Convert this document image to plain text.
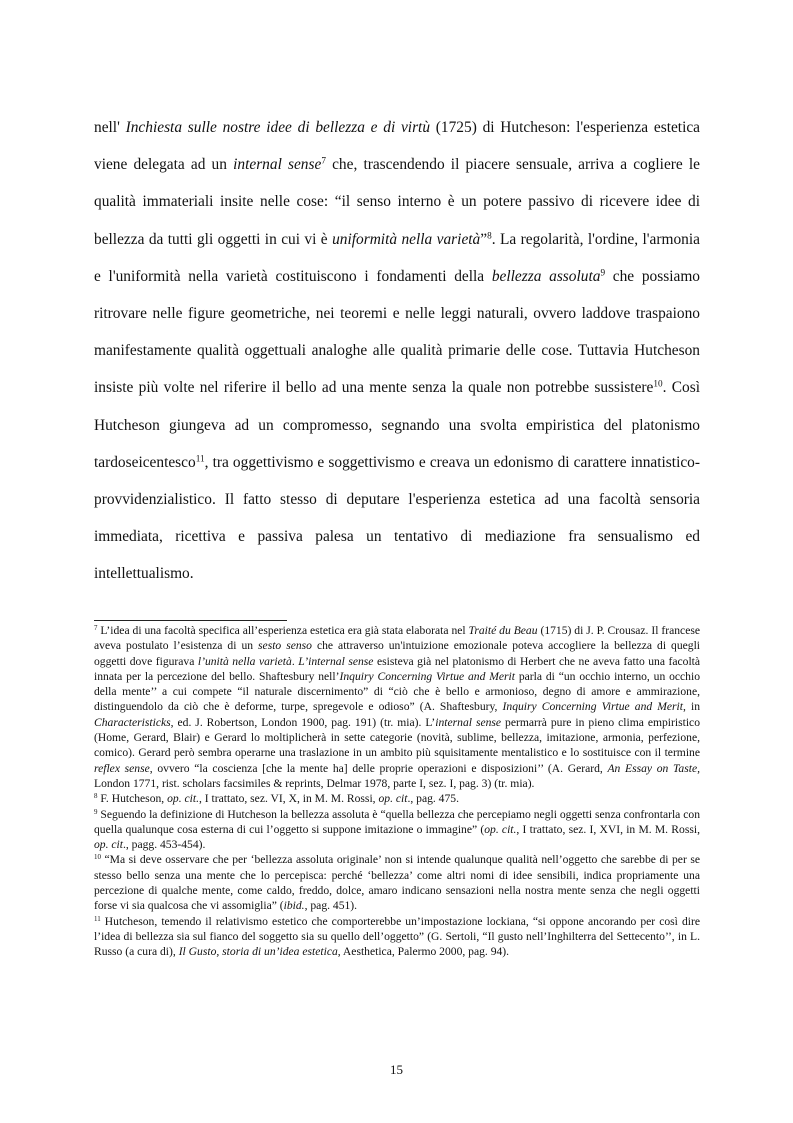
nell' Inchiesta sulle nostre idee di bellezza e di virtù (1725) di Hutcheson: l'esperienza estetica viene delegata ad un internal sense$^7$ che, trascendendo il piacere sensuale, arriva a cogliere le qualità immateriali insite nelle cose: “il senso interno è un potere passivo di ricevere idee di bellezza da tutti gli oggetti in cui vi è uniformità nella varietà”$^8$. La regolarità, l'ordine, l'armonia e l'uniformità nella varietà costituiscono i fondamenti della bellezza assoluta$^9$ che possiamo ritrovare nelle figure geometriche, nei teoremi e nelle leggi naturali, ovvero laddove traspaiono manifestamente qualità oggettuali analoghe alle qualità primarie delle cose. Tuttavia Hutcheson insiste più volte nel riferire il bello ad una mente senza la quale non potrebbe sussistere$^{10}$. Così Hutcheson giungeva ad un compromesso, segnando una svolta empiristica del platonismo tardoseicentesco$^{11}$, tra oggettivismo e soggettivismo e creava un edonismo di carattere innatistico-provvidenzialistico. Il fatto stesso di deputare l'esperienza estetica ad una facoltà sensoria immediata, ricettiva e passiva palesa un tentativo di mediazione fra sensualismo ed intellettualismo.

$^7$ L’idea di una facoltà specifica all’esperienza estetica era già stata elaborata nel Traité du Beau (1715) di J. P. Crousaz. Il francese aveva postulato l’esistenza di un sesto senso che attraverso un'intuizione emozionale poteva accogliere la bellezza di quegli oggetti dove figurava l’unità nella varietà. L’internal sense esisteva già nel platonismo di Herbert che ne aveva fatto una facoltà innata per la percezione del bello. Shaftesbury nell’Inquiry Concerning Virtue and Merit parla di “un occhio interno, un occhio della mente’’ a cui compete “il naturale discernimento” di “ciò che è bello e armonioso, degno di amore e ammirazione, distinguendolo da ciò che è deforme, turpe, spregevole e odioso” (A. Shaftesbury, Inquiry Concerning Virtue and Merit, in Characteristicks, ed. J. Robertson, London 1900, pag. 191) (tr. mia). L’internal sense permarrà pure in pieno clima empiristico (Home, Gerard, Blair) e Gerard lo moltiplicherà in sette categorie (novità, sublime, bellezza, imitazione, armonia, perfezione, comico). Gerard però sembra operarne una traslazione in un ambito più squisitamente mentalistico e lo sostituisce con il termine reflex sense, ovvero “la coscienza [che la mente ha] delle proprie operazioni e disposizioni’’ (A. Gerard, An Essay on Taste, London 1771, rist. scholars facsimiles & reprints, Delmar 1978, parte I, sez. I, pag. 3) (tr. mia).

$^8$ F. Hutcheson, op. cit., I trattato, sez. VI, X, in M. M. Rossi, op. cit., pag. 475.

$^9$ Seguendo la definizione di Hutcheson la bellezza assoluta è “quella bellezza che percepiamo negli oggetti senza confrontarla con quella qualunque cosa esterna di cui l’oggetto si suppone imitazione o immagine” (op. cit., I trattato, sez. I, XVI, in M. M. Rossi, op. cit., pagg. 453-454).

$^{10}$ “Ma si deve osservare che per ‘bellezza assoluta originale’ non si intende qualunque qualità nell’oggetto che sarebbe di per se stesso bello senza una mente che lo percepisca: perché ‘bellezza’ come altri nomi di idee sensibili, indica propriamente una percezione di qualche mente, come caldo, freddo, dolce, amaro indicano sensazioni nella nostra mente senza che negli oggetti forse vi sia qualcosa che vi assomiglia” (ibid., pag. 451).

$^{11}$ Hutcheson, temendo il relativismo estetico che comporterebbe un’impostazione lockiana, “si oppone ancorando per così dire l’idea di bellezza sia sul fianco del soggetto sia su quello dell’oggetto” (G. Sertoli, “Il gusto nell’Inghilterra del Settecento’’, in L. Russo (a cura di), Il Gusto, storia di un’idea estetica, Aesthetica, Palermo 2000, pag. 94).

15
